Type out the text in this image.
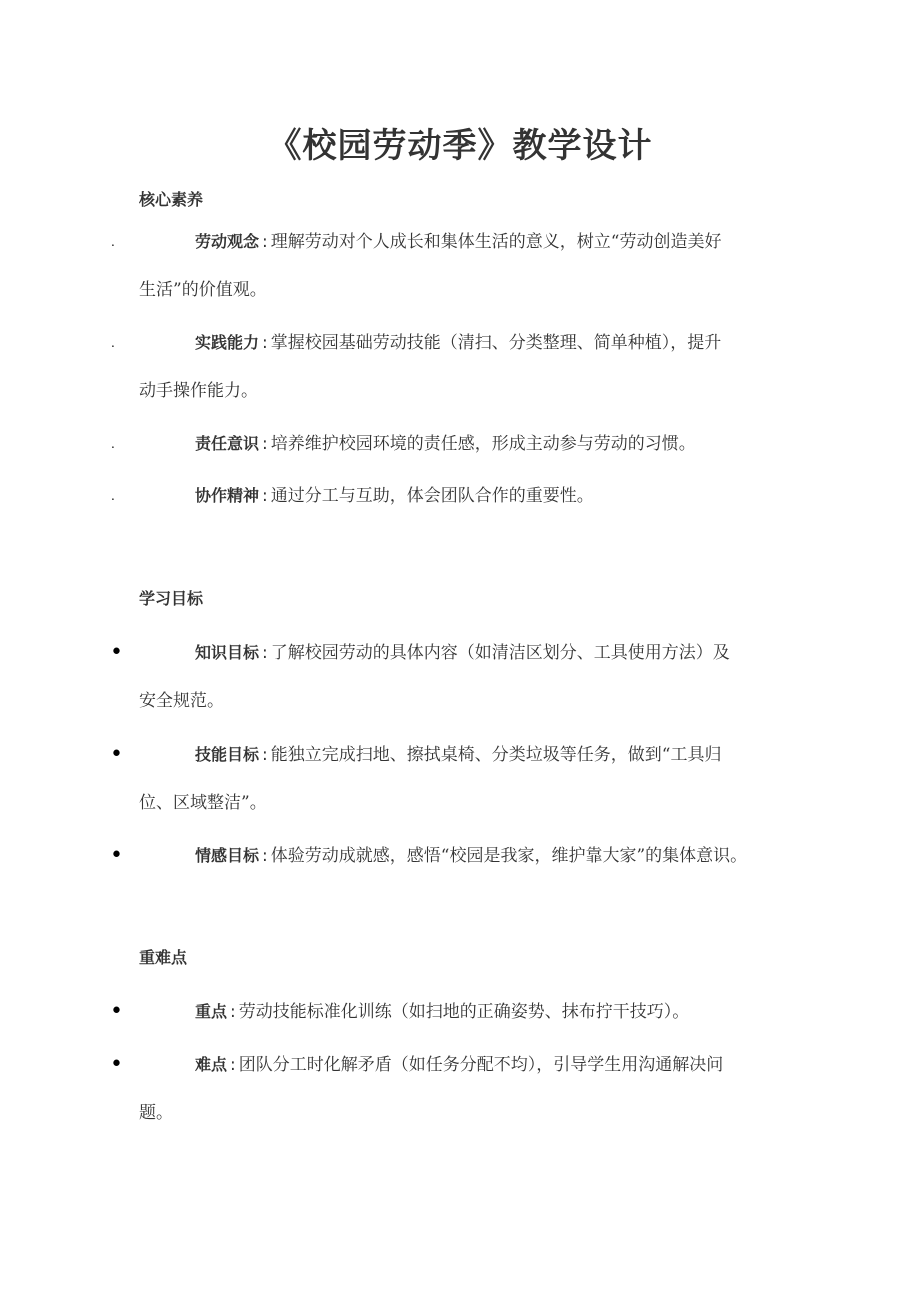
《校园劳动季》教学设计
核心素养
.	劳动观念 : 理解劳动对个人成长和集体生活的意义，树立“劳动创造美好
生活”的价值观。
.	实践能力 : 掌握校园基础劳动技能（清扫、分类整理、简单种植），提升
动手操作能力。
.	责任意识 : 培养维护校园环境的责任感，形成主动参与劳动的习惯。
.	协作精神 : 通过分工与互助，体会团队合作的重要性。
学习目标
•	知识目标 : 了解校园劳动的具体内容（如清洁区划分、工具使用方法）及
安全规范。
•	技能目标 : 能独立完成扫地、擦拭桌椅、分类垃圾等任务，做到“工具归
位、区域整洁”。
•	情感目标 : 体验劳动成就感，感悟“校园是我家，维护靠大家”的集体意识。
重难点
•	重点 : 劳动技能标准化训练（如扫地的正确姿势、抹布拧干技巧）。
•	难点 : 团队分工时化解矛盾（如任务分配不均），引导学生用沟通解决问
题。
